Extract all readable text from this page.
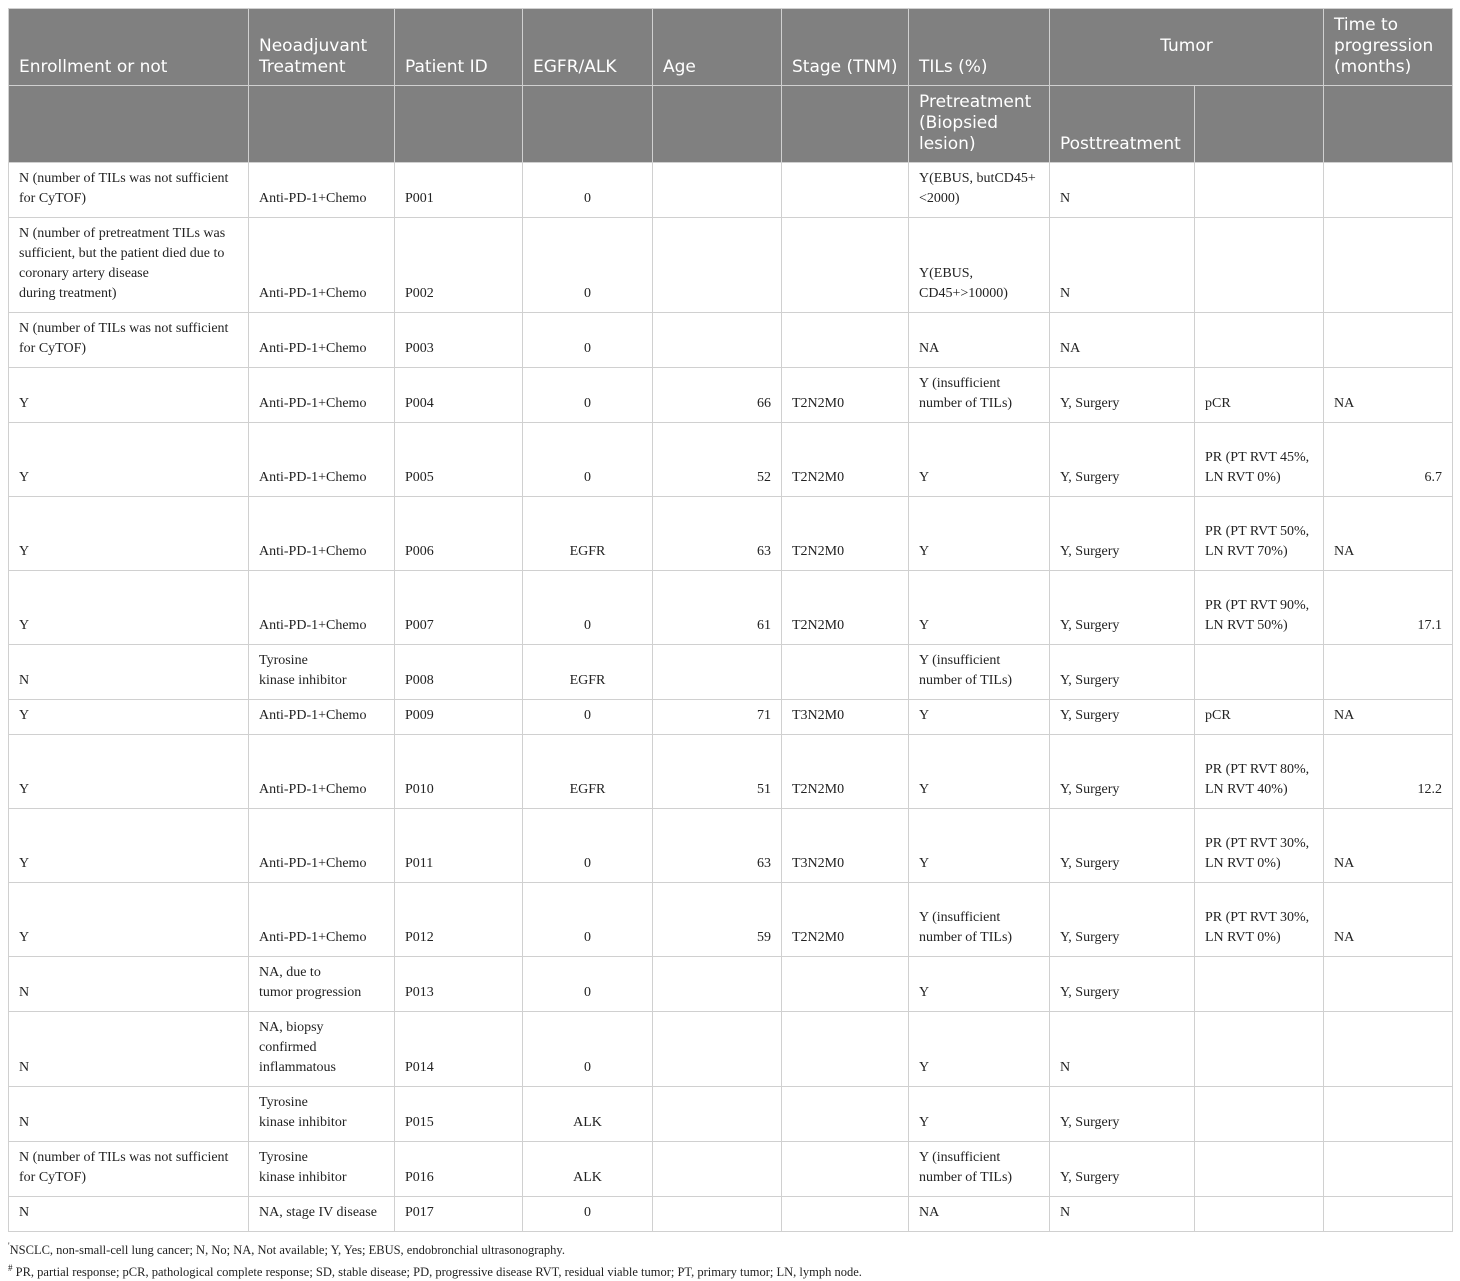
Enrollment or not	Neoadjuvant Treatment	Patient ID	EGFR/ALK	Age	Stage (TNM)	TILs (%)	Tumor		Time to progression (months)
						Pretreatment (Biopsied lesion)	Posttreatment		
N (number of TILs was not sufficient for CyTOF)	Anti-PD-1+Chemo	P001	0			Y(EBUS, butCD45+<2000)	N		
N (number of pretreatment TILs was sufficient, but the patient died due to coronary artery disease
during treatment)	Anti-PD-1+Chemo	P002	0			Y(EBUS, CD45+>10000)	N		
N (number of TILs was not sufficient for CyTOF)	Anti-PD-1+Chemo	P003	0			NA	NA		
Y	Anti-PD-1+Chemo	P004	0	66	T2N2M0	Y (insufficient number of TILs)	Y, Surgery	pCR	NA
Y	Anti-PD-1+Chemo	P005	0	52	T2N2M0	Y	Y, Surgery	PR (PT RVT 45%, LN RVT 0%)	6.7
Y	Anti-PD-1+Chemo	P006	EGFR	63	T2N2M0	Y	Y, Surgery	PR (PT RVT 50%, LN RVT 70%)	NA
Y	Anti-PD-1+Chemo	P007	0	61	T2N2M0	Y	Y, Surgery	PR (PT RVT 90%, LN RVT 50%)	17.1
N	Tyrosine
kinase inhibitor	P008	EGFR			Y (insufficient number of TILs)	Y, Surgery		
Y	Anti-PD-1+Chemo	P009	0	71	T3N2M0	Y	Y, Surgery	pCR	NA
Y	Anti-PD-1+Chemo	P010	EGFR	51	T2N2M0	Y	Y, Surgery	PR (PT RVT 80%, LN RVT 40%)	12.2
Y	Anti-PD-1+Chemo	P011	0	63	T3N2M0	Y	Y, Surgery	PR (PT RVT 30%, LN RVT 0%)	NA
Y	Anti-PD-1+Chemo	P012	0	59	T2N2M0	Y (insufficient number of TILs)	Y, Surgery	PR (PT RVT 30%, LN RVT 0%)	NA
N	NA, due to
tumor progression	P013	0			Y	Y, Surgery		
N	NA, biopsy
confirmed
inflammatous	P014	0			Y	N		
N	Tyrosine
kinase inhibitor	P015	ALK			Y	Y, Surgery		
N (number of TILs was not sufficient for CyTOF)	Tyrosine
kinase inhibitor	P016	ALK			Y (insufficient number of TILs)	Y, Surgery		
N	NA, stage IV disease	P017	0			NA	N		
'NSCLC, non-small-cell lung cancer; N, No; NA, Not available; Y, Yes; EBUS, endobronchial ultrasonography.
# PR, partial response; pCR, pathological complete response; SD, stable disease; PD, progressive disease RVT, residual viable tumor; PT, primary tumor; LN, lymph node.
